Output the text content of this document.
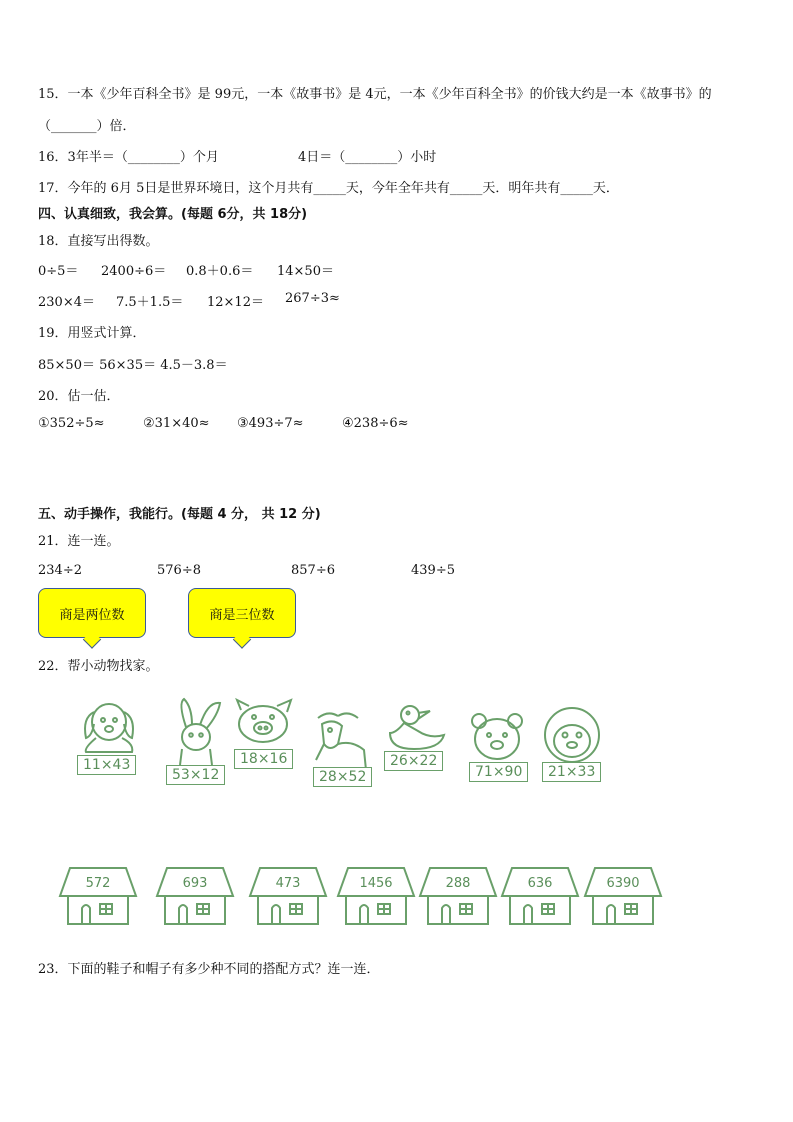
15．一本《少年百科全书》是 99元，一本《故事书》是 4元，一本《少年百科全书》的价钱大约是一本《故事书》的
（_______）倍．
16．3年半＝（________）个月	4日＝（________）小时
17．今年的 6月 5日是世界环境日，这个月共有_____天，今年全年共有_____天．明年共有_____天．
四、认真细致，我会算。(每题 6分，共 18分)
18．直接写出得数。
0÷5＝ 2400÷6＝ 0.8＋0.6＝ 14×50＝
230×4＝ 7.5＋1.5＝ 12×12＝ 267÷3≈
19．用竖式计算．
85×50＝ 56×35＝ 4.5－3.8＝
20．估一估．
①352÷5≈	②31×40≈ ③493÷7≈	④238÷6≈
五、动手操作，我能行。(每题 4 分， 共 12 分)
21．连一连。
234÷2	576÷8	857÷6	439÷5
商是两位数	商是三位数
22．帮小动物找家。
11×43
53×12
18×16
28×52
26×22
71×90	21×33
572	693	473	1456	288	636	6390
23．下面的鞋子和帽子有多少种不同的搭配方式？连一连．
